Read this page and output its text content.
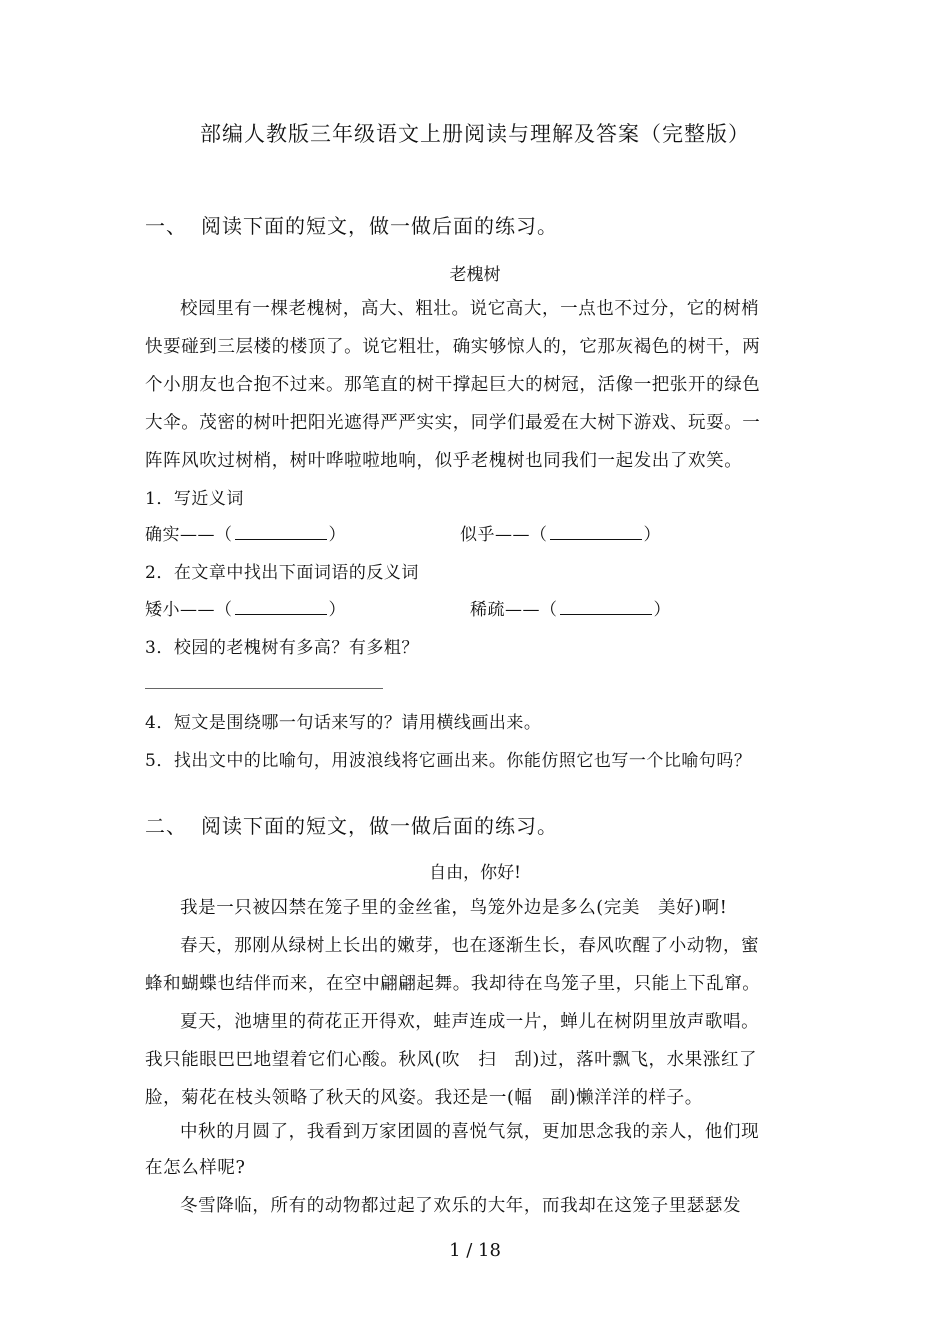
部编人教版三年级语文上册阅读与理解及答案（完整版）
一、 阅读下面的短文，做一做后面的练习。
老槐树
校园里有一棵老槐树，高大、粗壮。说它高大，一点也不过分，它的树梢
快要碰到三层楼的楼顶了。说它粗壮，确实够惊人的，它那灰褐色的树干，两
个小朋友也合抱不过来。那笔直的树干撑起巨大的树冠，活像一把张开的绿色
大伞。茂密的树叶把阳光遮得严严实实，同学们最爱在大树下游戏、玩耍。一
阵阵风吹过树梢，树叶哗啦啦地响，似乎老槐树也同我们一起发出了欢笑。
1．写近义词
确实——（	）	似乎——（	）
2．在文章中找出下面词语的反义词
矮小——（	）	稀疏——（	）
3．校园的老槐树有多高？有多粗？
4．短文是围绕哪一句话来写的？请用横线画出来。
5．找出文中的比喻句，用波浪线将它画出来。你能仿照它也写一个比喻句吗？
二、 阅读下面的短文，做一做后面的练习。
自由，你好!
我是一只被囚禁在笼子里的金丝雀，鸟笼外边是多么(完美　美好)啊!
春天，那刚从绿树上长出的嫩芽，也在逐渐生长，春风吹醒了小动物，蜜
蜂和蝴蝶也结伴而来，在空中翩翩起舞。我却待在鸟笼子里，只能上下乱窜。
夏天，池塘里的荷花正开得欢，蛙声连成一片，蝉儿在树阴里放声歌唱。
我只能眼巴巴地望着它们心酸。秋风(吹　扫　刮)过，落叶飘飞，水果涨红了
脸，菊花在枝头领略了秋天的风姿。我还是一(幅　副)懒洋洋的样子。
中秋的月圆了，我看到万家团圆的喜悦气氛，更加思念我的亲人，他们现
在怎么样呢?
冬雪降临，所有的动物都过起了欢乐的大年，而我却在这笼子里瑟瑟发
1 / 18
